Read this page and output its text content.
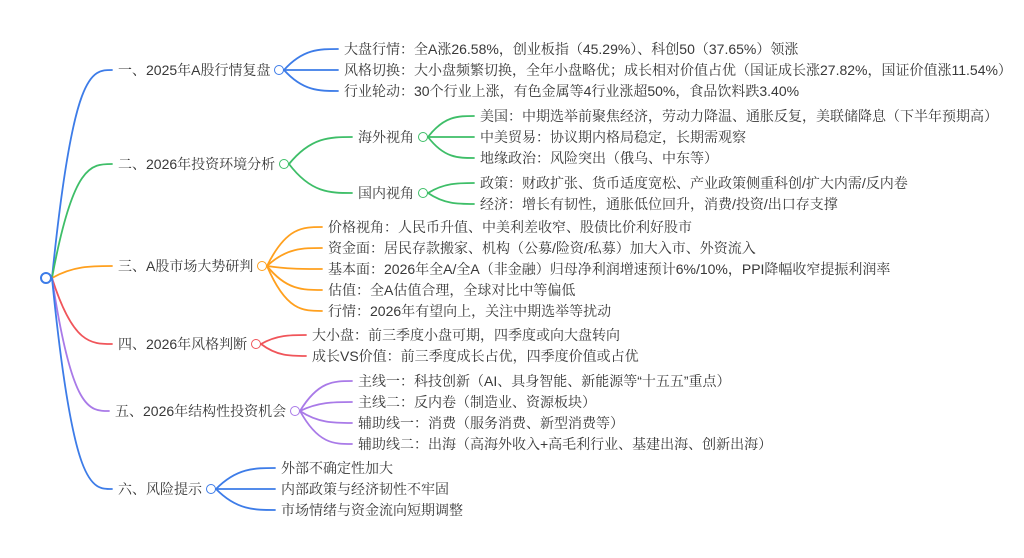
一、2025年A股行情复盘
大盘行情：全A涨26.58%，创业板指（45.29%）、科创50（37.65%）领涨
风格切换：大小盘频繁切换，全年小盘略优；成长相对价值占优（国证成长涨27.82%，国证价值涨11.54%）
行业轮动：30个行业上涨，有色金属等4行业涨超50%，食品饮料跌3.40%
二、2026年投资环境分析
海外视角
美国：中期选举前聚焦经济，劳动力降温、通胀反复，美联储降息（下半年预期高）
中美贸易：协议期内格局稳定，长期需观察
地缘政治：风险突出（俄乌、中东等）
国内视角
政策：财政扩张、货币适度宽松、产业政策侧重科创/扩大内需/反内卷
经济：增长有韧性，通胀低位回升，消费/投资/出口存支撑
三、A股市场大势研判
价格视角：人民币升值、中美利差收窄、股债比价利好股市
资金面：居民存款搬家、机构（公募/险资/私募）加大入市、外资流入
基本面：2026年全A/全A（非金融）归母净利润增速预计6%/10%，PPI降幅收窄提振利润率
估值：全A估值合理，全球对比中等偏低
行情：2026年有望向上，关注中期选举等扰动
四、2026年风格判断
大小盘：前三季度小盘可期，四季度或向大盘转向
成长VS价值：前三季度成长占优，四季度价值或占优
五、2026年结构性投资机会
主线一：科技创新（AI、具身智能、新能源等“十五五”重点）
主线二：反内卷（制造业、资源板块）
辅助线一：消费（服务消费、新型消费等）
辅助线二：出海（高海外收入+高毛利行业、基建出海、创新出海）
六、风险提示
外部不确定性加大
内部政策与经济韧性不牢固
市场情绪与资金流向短期调整
